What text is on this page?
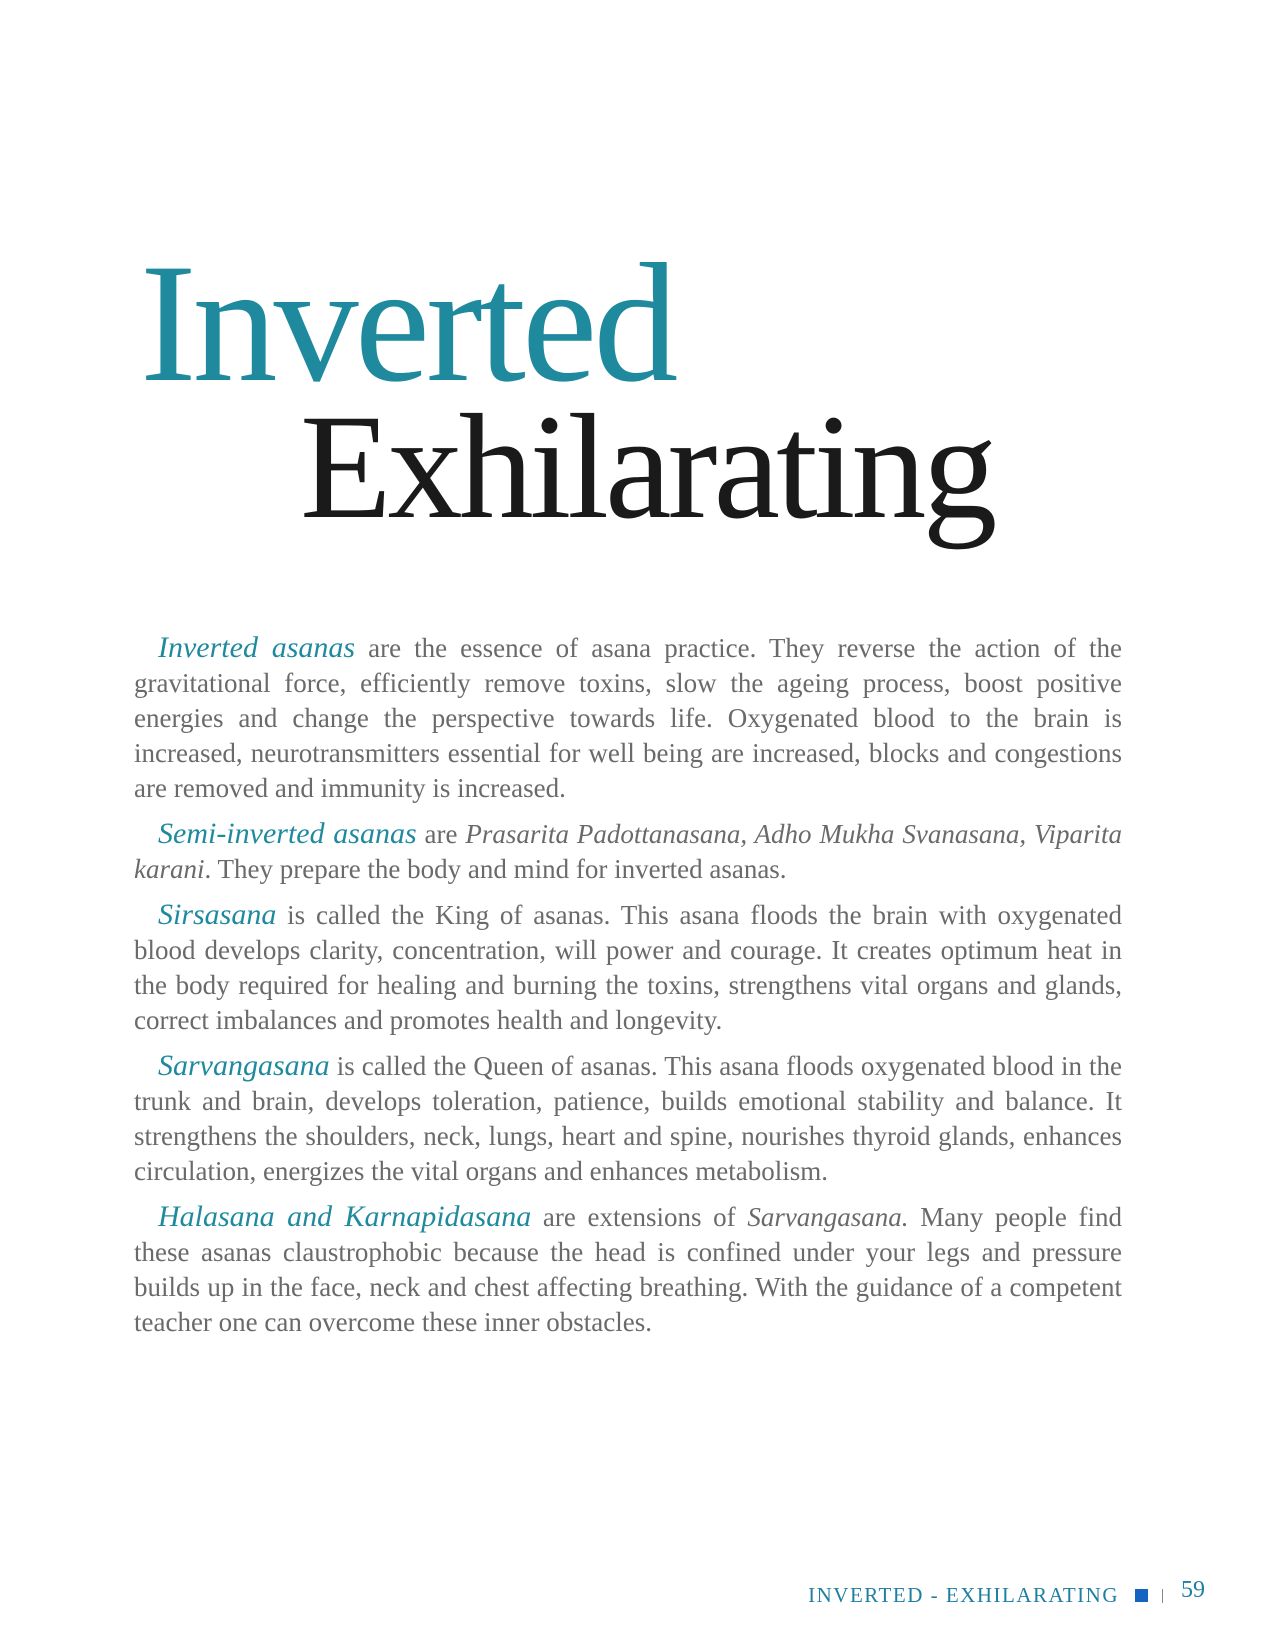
Inverted
Exhilarating

Inverted asanas are the essence of asana practice. They reverse the action of the gravitational force, efficiently remove toxins, slow the ageing process, boost positive energies and change the perspective towards life. Oxygenated blood to the brain is increased, neurotransmitters essential for well being are increased, blocks and congestions are removed and immunity is increased.

Semi-inverted asanas are Prasarita Padottanasana, Adho Mukha Svanasana, Viparita karani. They prepare the body and mind for inverted asanas.

Sirsasana is called the King of asanas. This asana floods the brain with oxygenated blood develops clarity, concentration, will power and courage. It creates optimum heat in the body required for healing and burning the toxins, strengthens vital organs and glands, correct imbalances and promotes health and longevity.

Sarvangasana is called the Queen of asanas. This asana floods oxygenated blood in the trunk and brain, develops toleration, patience, builds emotional stability and balance. It strengthens the shoulders, neck, lungs, heart and spine, nourishes thyroid glands, enhances circulation, energizes the vital organs and enhances metabolism.

Halasana and Karnapidasana are extensions of Sarvangasana. Many people find these asanas claustrophobic because the head is confined under your legs and pressure builds up in the face, neck and chest affecting breathing. With the guidance of a competent teacher one can overcome these inner obstacles.

INVERTED - EXHILARATING	59
